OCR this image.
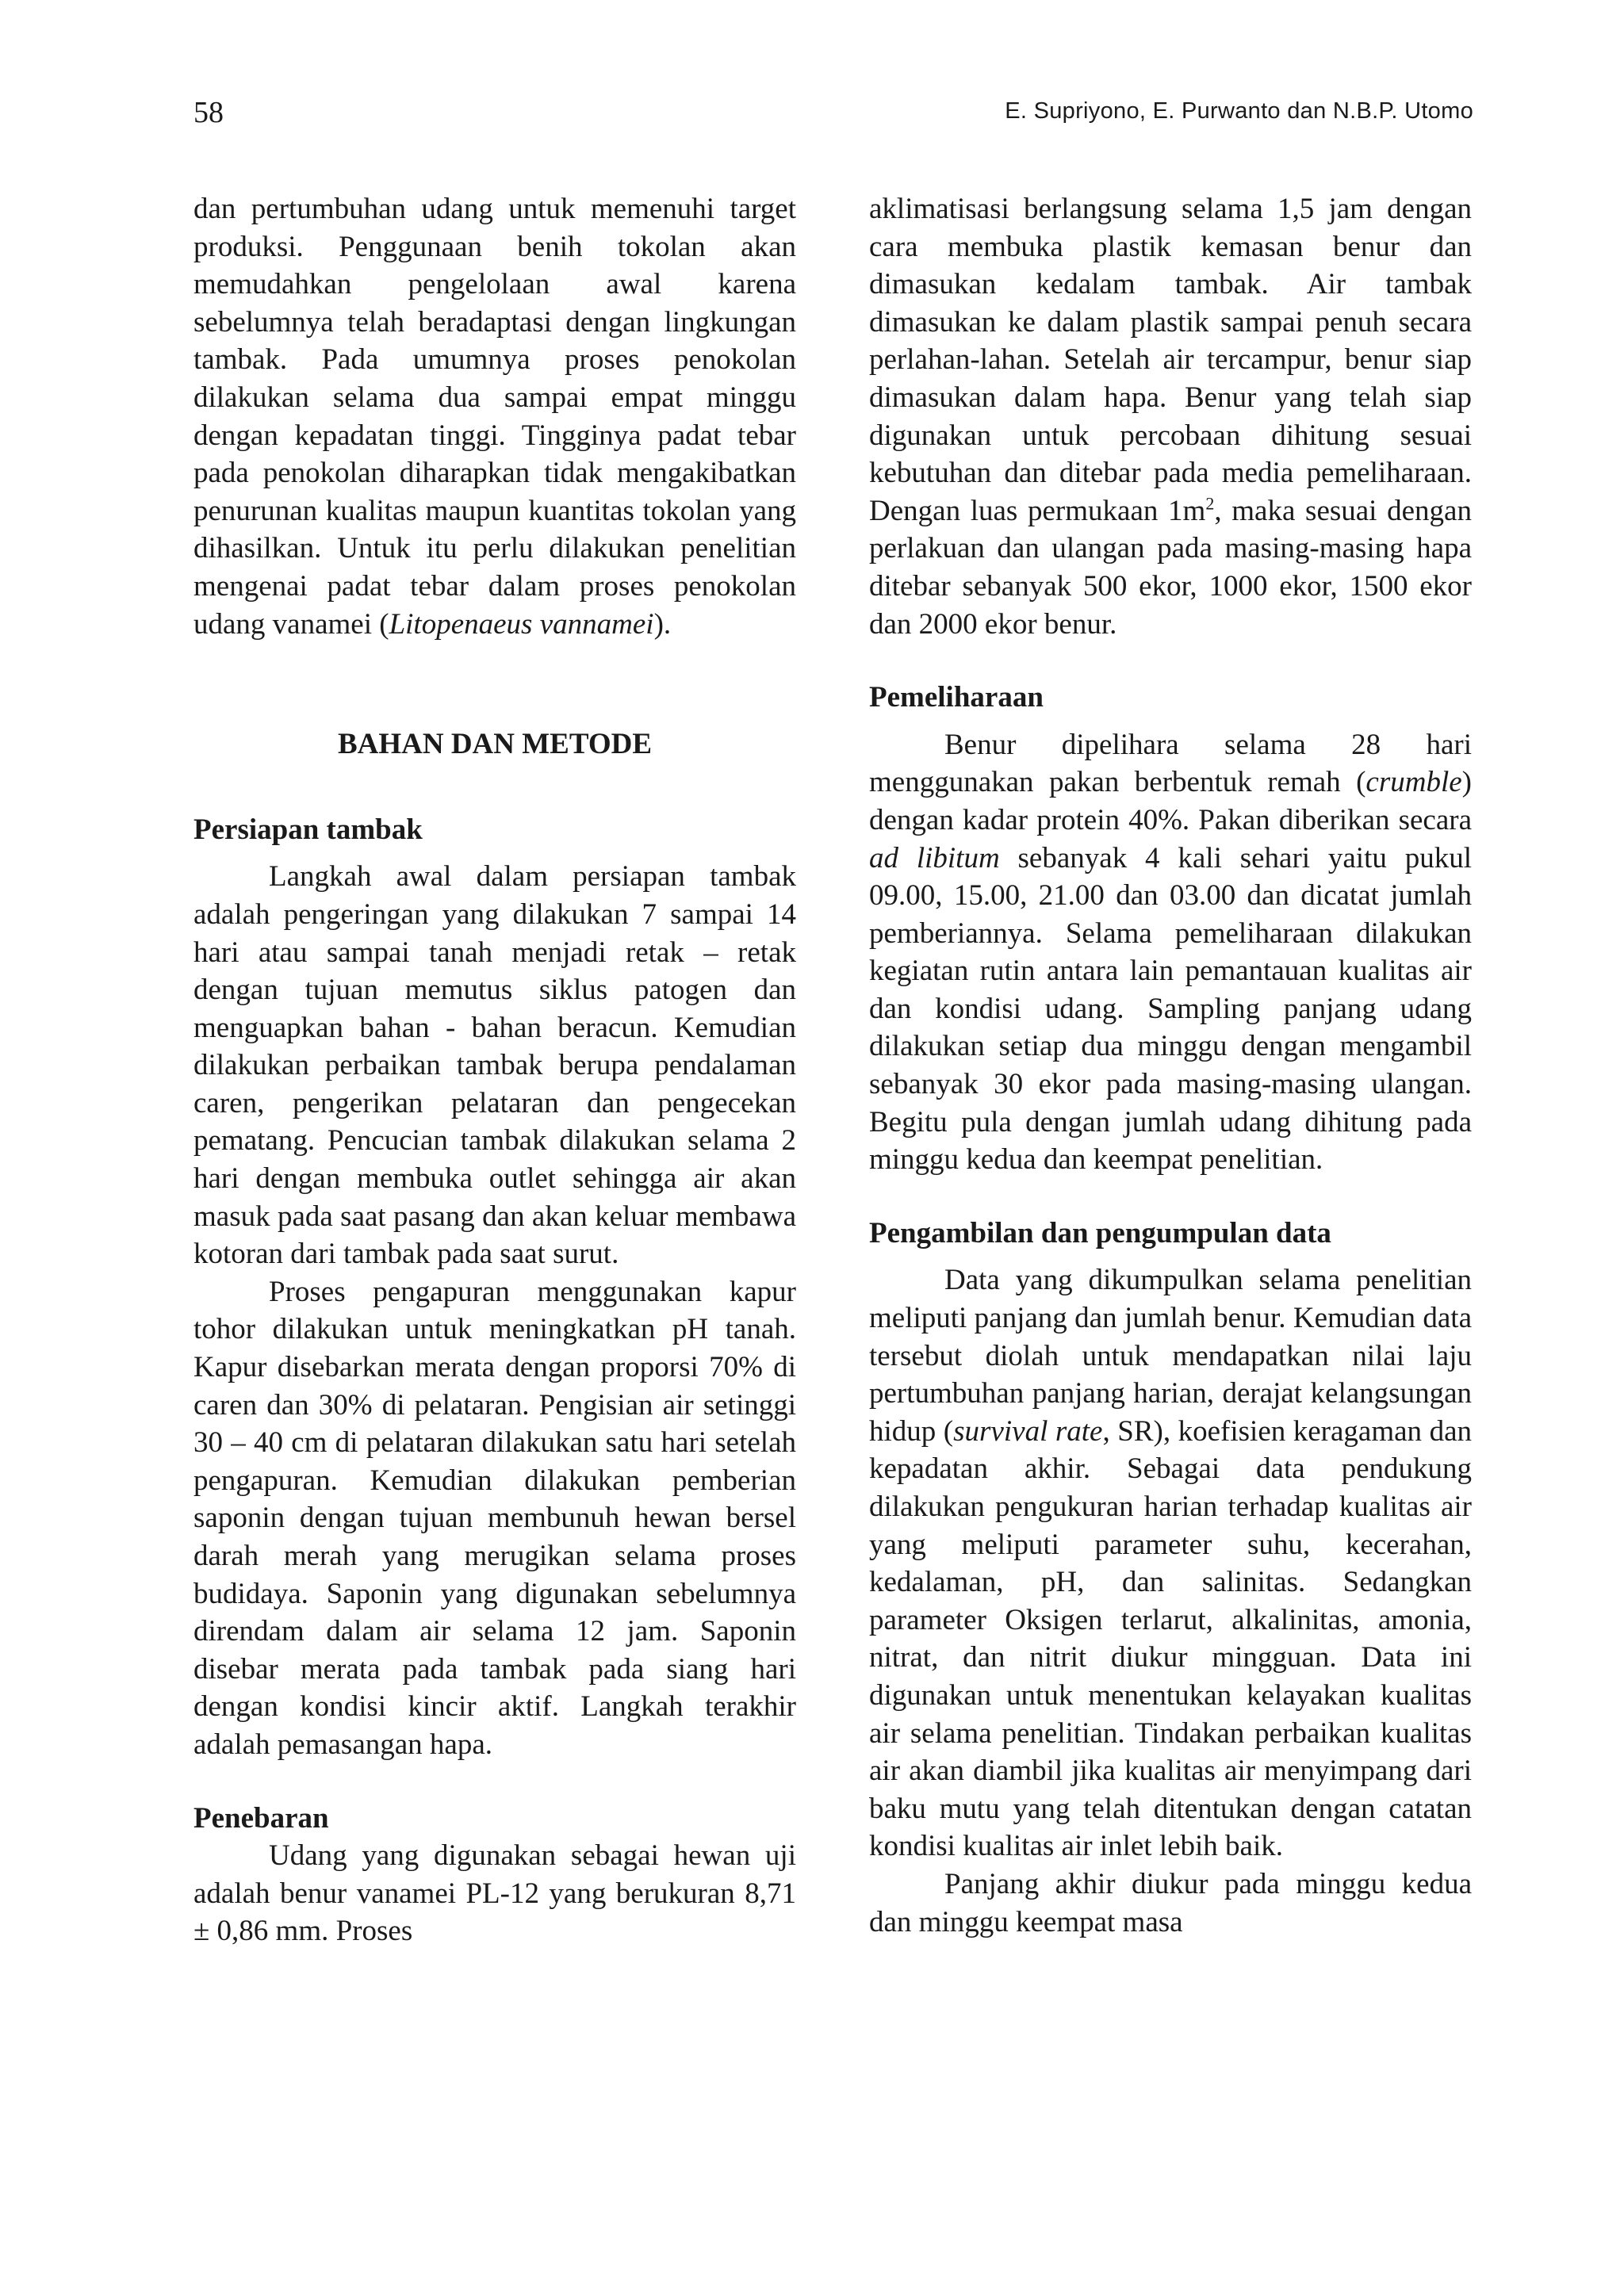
58	E. Supriyono, E. Purwanto dan N.B.P. Utomo

dan pertumbuhan udang untuk memenuhi target produksi. Penggunaan benih tokolan akan memudahkan pengelolaan awal karena sebelumnya telah beradaptasi dengan lingkungan tambak. Pada umumnya proses penokolan dilakukan selama dua sampai empat minggu dengan kepadatan tinggi. Tingginya padat tebar pada penokolan diharapkan tidak mengakibatkan penurunan kualitas maupun kuantitas tokolan yang dihasilkan. Untuk itu perlu dilakukan penelitian mengenai padat tebar dalam proses penokolan udang vanamei (Litopenaeus vannamei).

BAHAN DAN METODE
Persiapan tambak

Langkah awal dalam persiapan tambak adalah pengeringan yang dilakukan 7 sampai 14 hari atau sampai tanah menjadi retak – retak dengan tujuan memutus siklus patogen dan menguapkan bahan - bahan beracun. Kemudian dilakukan perbaikan tambak berupa pendalaman caren, pengerikan pelataran dan pengecekan pematang. Pencucian tambak dilakukan selama 2 hari dengan membuka outlet sehingga air akan masuk pada saat pasang dan akan keluar membawa kotoran dari tambak pada saat surut.

Proses pengapuran menggunakan kapur tohor dilakukan untuk meningkatkan pH tanah. Kapur disebarkan merata dengan proporsi 70% di caren dan 30% di pelataran. Pengisian air setinggi 30 – 40 cm di pelataran dilakukan satu hari setelah pengapuran. Kemudian dilakukan pemberian saponin dengan tujuan membunuh hewan bersel darah merah yang merugikan selama proses budidaya. Saponin yang digunakan sebelumnya direndam dalam air selama 12 jam. Saponin disebar merata pada tambak pada siang hari dengan kondisi kincir aktif. Langkah terakhir adalah pemasangan hapa.

Penebaran

Udang yang digunakan sebagai hewan uji adalah benur vanamei PL-12 yang berukuran 8,71 ± 0,86 mm. Proses

aklimatisasi berlangsung selama 1,5 jam dengan cara membuka plastik kemasan benur dan dimasukan kedalam tambak. Air tambak dimasukan ke dalam plastik sampai penuh secara perlahan-lahan. Setelah air tercampur, benur siap dimasukan dalam hapa. Benur yang telah siap digunakan untuk percobaan dihitung sesuai kebutuhan dan ditebar pada media pemeliharaan. Dengan luas permukaan $1m^2$, maka sesuai dengan perlakuan dan ulangan pada masing-masing hapa ditebar sebanyak 500 ekor, 1000 ekor, 1500 ekor dan 2000 ekor benur.

Pemeliharaan

Benur dipelihara selama 28 hari menggunakan pakan berbentuk remah (crumble) dengan kadar protein 40%. Pakan diberikan secara ad libitum sebanyak 4 kali sehari yaitu pukul 09.00, 15.00, 21.00 dan 03.00 dan dicatat jumlah pemberiannya. Selama pemeliharaan dilakukan kegiatan rutin antara lain pemantauan kualitas air dan kondisi udang. Sampling panjang udang dilakukan setiap dua minggu dengan mengambil sebanyak 30 ekor pada masing-masing ulangan. Begitu pula dengan jumlah udang dihitung pada minggu kedua dan keempat penelitian.

Pengambilan dan pengumpulan data

Data yang dikumpulkan selama penelitian meliputi panjang dan jumlah benur. Kemudian data tersebut diolah untuk mendapatkan nilai laju pertumbuhan panjang harian, derajat kelangsungan hidup (survival rate, SR), koefisien keragaman dan kepadatan akhir. Sebagai data pendukung dilakukan pengukuran harian terhadap kualitas air yang meliputi parameter suhu, kecerahan, kedalaman, pH, dan salinitas. Sedangkan parameter Oksigen terlarut, alkalinitas, amonia, nitrat, dan nitrit diukur mingguan. Data ini digunakan untuk menentukan kelayakan kualitas air selama penelitian. Tindakan perbaikan kualitas air akan diambil jika kualitas air menyimpang dari baku mutu yang telah ditentukan dengan catatan kondisi kualitas air inlet lebih baik.

Panjang akhir diukur pada minggu kedua dan minggu keempat masa
